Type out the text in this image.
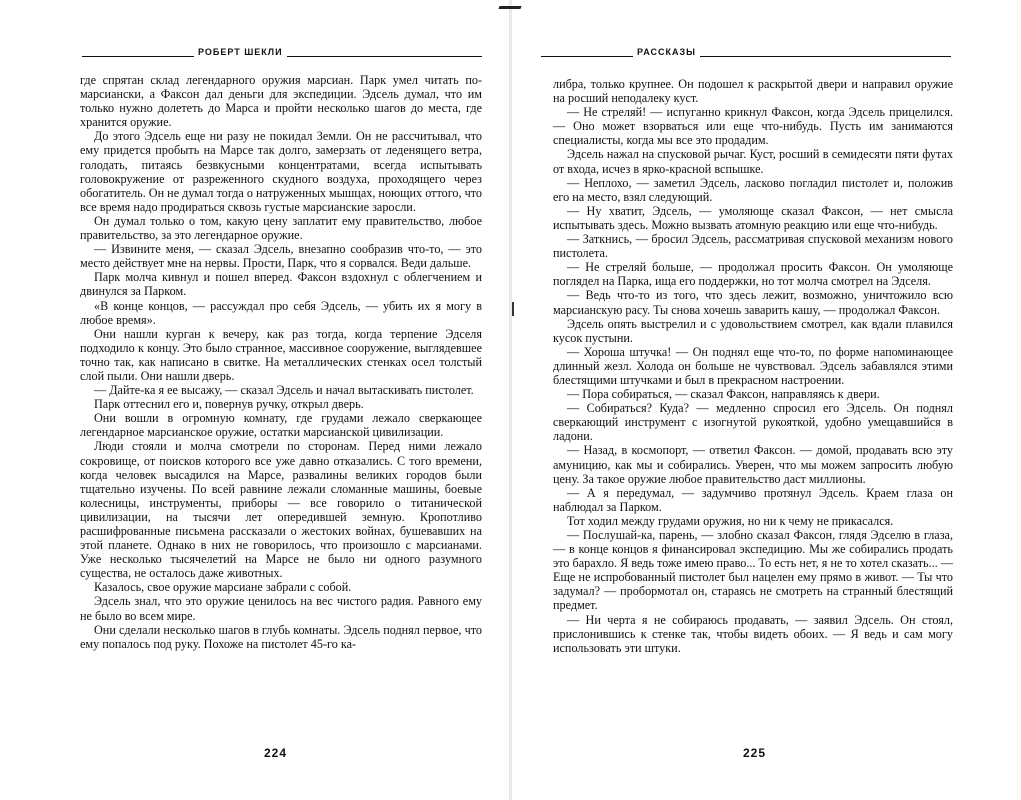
РОБЕРТ ШЕКЛИ

где спрятан склад легендарного оружия марсиан. Парк умел читать по-марсиански, а Факсон дал деньги для экспедиции. Эдсель думал, что им только нужно долететь до Марса и пройти несколько шагов до места, где хранится оружие.

До этого Эдсель еще ни разу не покидал Земли. Он не рассчитывал, что ему придется пробыть на Марсе так долго, замерзать от леденящего ветра, голодать, питаясь безвкусными концентратами, всегда испытывать головокружение от разреженного скудного воздуха, проходящего через обогатитель. Он не думал тогда о натруженных мышцах, ноющих оттого, что все время надо продираться сквозь густые марсианские заросли.

Он думал только о том, какую цену заплатит ему правительство, любое правительство, за это легендарное оружие.

— Извините меня, — сказал Эдсель, внезапно сообразив что-то, — это место действует мне на нервы. Прости, Парк, что я сорвался. Веди дальше.

Парк молча кивнул и пошел вперед. Факсон вздохнул с облегчением и двинулся за Парком.

«В конце концов, — рассуждал про себя Эдсель, — убить их я могу в любое время».

Они нашли курган к вечеру, как раз тогда, когда терпение Эдселя подходило к концу. Это было странное, массивное сооружение, выглядевшее точно так, как написано в свитке. На металлических стенках осел толстый слой пыли. Они нашли дверь.

— Дайте-ка я ее высажу, — сказал Эдсель и начал вытаскивать пистолет.

Парк оттеснил его и, повернув ручку, открыл дверь.

Они вошли в огромную комнату, где грудами лежало сверкающее легендарное марсианское оружие, остатки марсианской цивилизации.

Люди стояли и молча смотрели по сторонам. Перед ними лежало сокровище, от поисков которого все уже давно отказались. С того времени, когда человек высадился на Марсе, развалины великих городов были тщательно изучены. По всей равнине лежали сломанные машины, боевые колесницы, инструменты, приборы — все говорило о титанической цивилизации, на тысячи лет опередившей земную. Кропотливо расшифрованные письмена рассказали о жестоких войнах, бушевавших на этой планете. Однако в них не говорилось, что произошло с марсианами. Уже несколько тысячелетий на Марсе не было ни одного разумного существа, не осталось даже животных.

Казалось, свое оружие марсиане забрали с собой.

Эдсель знал, что это оружие ценилось на вес чистого радия. Равного ему не было во всем мире.

Они сделали несколько шагов в глубь комнаты. Эдсель поднял первое, что ему попалось под руку. Похоже на пистолет 45-го ка-

224
РАССКАЗЫ

либра, только крупнее. Он подошел к раскрытой двери и направил оружие на росший неподалеку куст.

— Не стреляй! — испуганно крикнул Факсон, когда Эдсель прицелился. — Оно может взорваться или еще что-нибудь. Пусть им занимаются специалисты, когда мы все это продадим.

Эдсель нажал на спусковой рычаг. Куст, росший в семидесяти пяти футах от входа, исчез в ярко-красной вспышке.

— Неплохо, — заметил Эдсель, ласково погладил пистолет и, положив его на место, взял следующий.

— Ну хватит, Эдсель, — умоляюще сказал Факсон, — нет смысла испытывать здесь. Можно вызвать атомную реакцию или еще что-нибудь.

— Заткнись, — бросил Эдсель, рассматривая спусковой механизм нового пистолета.

— Не стреляй больше, — продолжал просить Факсон. Он умоляюще поглядел на Парка, ища его поддержки, но тот молча смотрел на Эдселя.

— Ведь что-то из того, что здесь лежит, возможно, уничтожило всю марсианскую расу. Ты снова хочешь заварить кашу, — продолжал Факсон.

Эдсель опять выстрелил и с удовольствием смотрел, как вдали плавился кусок пустыни.

— Хороша штучка! — Он поднял еще что-то, по форме напоминающее длинный жезл. Холода он больше не чувствовал. Эдсель забавлялся этими блестящими штучками и был в прекрасном настроении.

— Пора собираться, — сказал Факсон, направляясь к двери.

— Собираться? Куда? — медленно спросил его Эдсель. Он поднял сверкающий инструмент с изогнутой рукояткой, удобно умещавшийся в ладони.

— Назад, в космопорт, — ответил Факсон. — домой, продавать всю эту амуницию, как мы и собирались. Уверен, что мы можем запросить любую цену. За такое оружие любое правительство даст миллионы.

— А я передумал, — задумчиво протянул Эдсель. Краем глаза он наблюдал за Парком.

Тот ходил между грудами оружия, но ни к чему не прикасался.

— Послушай-ка, парень, — злобно сказал Факсон, глядя Эдселю в глаза, — в конце концов я финансировал экспедицию. Мы же собирались продать это барахло. Я ведь тоже имею право... То есть нет, я не то хотел сказать... — Еще не испробованный пистолет был нацелен ему прямо в живот. — Ты что задумал? — пробормотал он, стараясь не смотреть на странный блестящий предмет.

— Ни черта я не собираюсь продавать, — заявил Эдсель. Он стоял, прислонившись к стенке так, чтобы видеть обоих. — Я ведь и сам могу использовать эти штуки.

225
